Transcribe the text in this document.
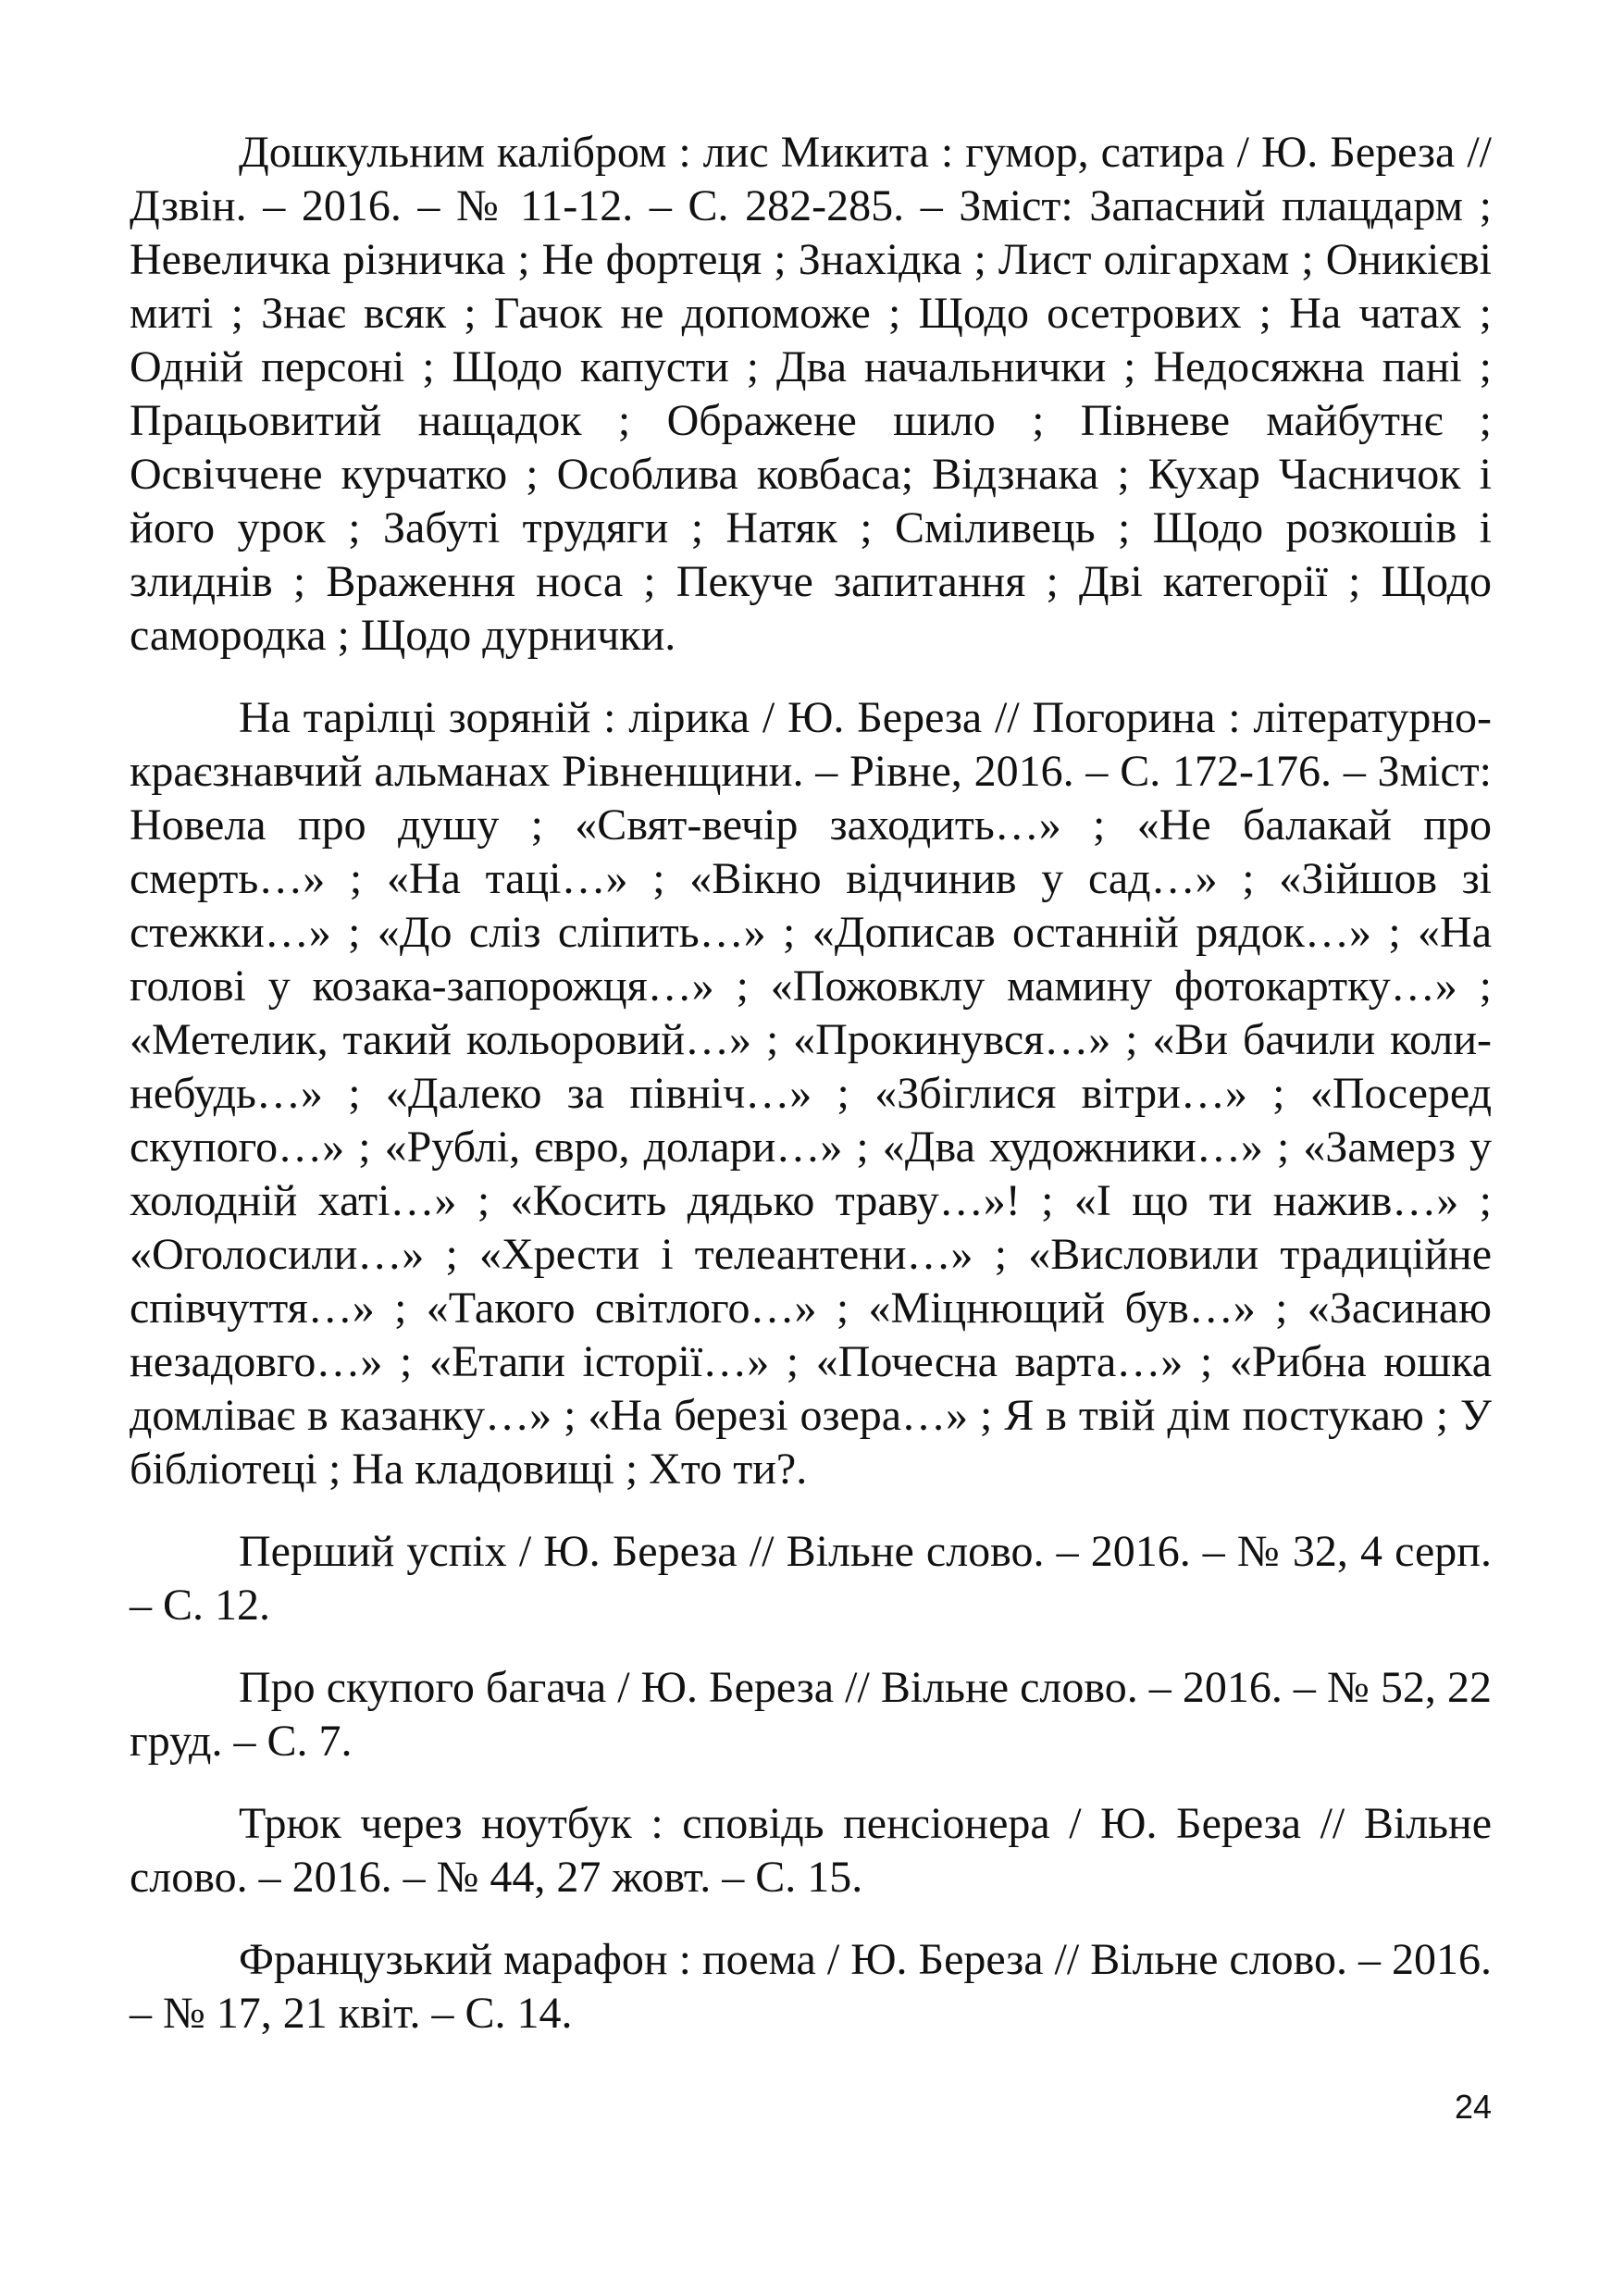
Дошкульним калібром : лис Микита : гумор, сатира / Ю. Береза // Дзвін. – 2016. – № 11-12. – С. 282-285. – Зміст: Запасний плацдарм ; Невеличка різничка ; Не фортеця ; Знахідка ; Лист олігархам ; Оникієві миті ; Знає всяк ; Гачок не допоможе ; Щодо осетрових ; На чатах ; Одній персоні ; Щодо капусти ; Два начальнички ; Недосяжна пані ; Працьовитий нащадок ; Ображене шило ; Півневе майбутнє ; Освіччене курчатко ; Особлива ковбаса; Відзнака ; Кухар Часничок і його урок ; Забуті трудяги ; Натяк ; Сміливець ; Щодо розкошів і злиднів ; Враження носа ; Пекуче запитання ; Дві категорії ; Щодо самородка ; Щодо дурнички.

На тарілці зоряній : лірика / Ю. Береза // Погорина : літературно-краєзнавчий альманах Рівненщини. – Рівне, 2016. – С. 172-176. – Зміст: Новела про душу ; «Свят-вечір заходить…» ; «Не балакай про смерть…» ; «На таці…» ; «Вікно відчинив у сад…» ; «Зійшов зі стежки…» ; «До сліз сліпить…» ; «Дописав останній рядок…» ; «На голові у козака-запорожця…» ; «Пожовклу мамину фотокартку…» ; «Метелик, такий кольоровий…» ; «Прокинувся…» ; «Ви бачили коли-небудь…» ; «Далеко за північ…» ; «Збіглися вітри…» ; «Посеред скупого…» ; «Рублі, євро, долари…» ; «Два художники…» ; «Замерз у холодній хаті…» ; «Косить дядько траву…»! ; «І що ти нажив…» ; «Оголосили…» ; «Хрести і телеантени…» ; «Висловили традиційне співчуття…» ; «Такого світлого…» ; «Міцнющий був…» ; «Засинаю незадовго…» ; «Етапи історії…» ; «Почесна варта…» ; «Рибна юшка домліває в казанку…» ; «На березі озера…» ; Я в твій дім постукаю ; У бібліотеці ; На кладовищі ; Хто ти?.

Перший успіх / Ю. Береза // Вільне слово. – 2016. – № 32, 4 серп. – С. 12.

Про скупого багача / Ю. Береза // Вільне слово. – 2016. – № 52, 22 груд. – С. 7.

Трюк через ноутбук : сповідь пенсіонера / Ю. Береза // Вільне слово. – 2016. – № 44, 27 жовт. – С. 15.

Французький марафон : поема / Ю. Береза // Вільне слово. – 2016. – № 17, 21 квіт. – С. 14.

24
